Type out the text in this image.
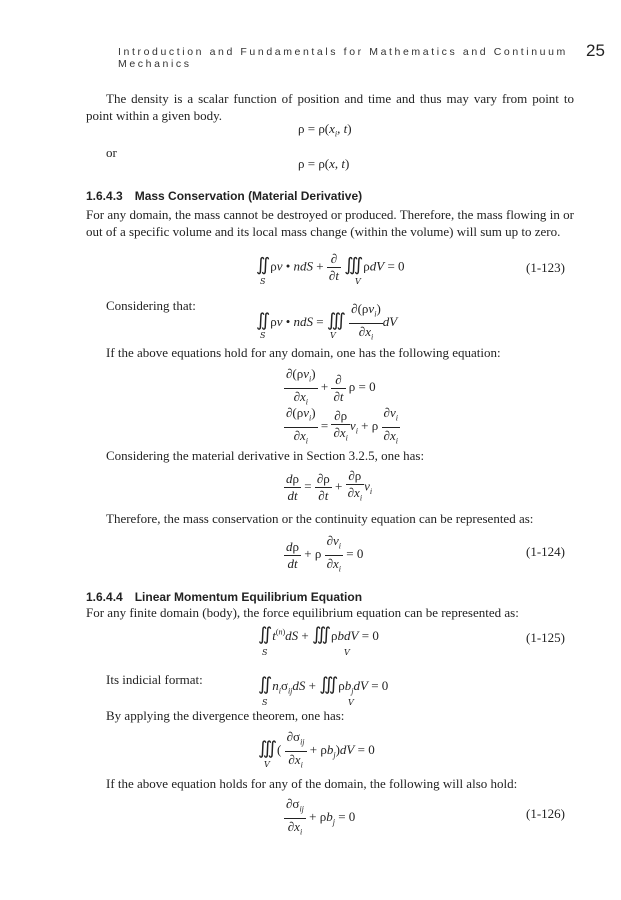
Introduction and Fundamentals for Mathematics and Continuum Mechanics
25
The density is a scalar function of position and time and thus may vary from point to point within a given body.
$\rho = \rho(x_i$, t)
or
ρ = ρ(x, t)
1.6.4.3 Mass Conservation (Material Derivative)
For any domain, the mass cannot be destroyed or produced. Therefore, the mass flowing in or out of a specific volume and its local mass change (within the volume) will sum up to zero.
∬ρv • ndS + $\frac{\partial}{\partial t}$ ∭ρdV = 0
S	V
(1-123)
Considering that:
∬ρv • ndS = ∭ $\frac{\partial(\rho v_i)}{\partial x_i}$ dV
S	V
If the above equations hold for any domain, one has the following equation:
$\frac{\partial(\rho v_i)}{\partial x_i} + \frac{\partial}{\partial t}$ ρ = 0
$\frac{\partial(\rho v_i)}{\partial x_i} = \frac{\partial\rho}{\partial x_i} v_i + \rho \frac{\partial v_i}{\partial x_i}$
Considering the material derivative in Section 3.2.5, one has:
$\frac{d\rho}{dt} = \frac{\partial\rho}{\partial t} + \frac{\partial\rho}{\partial x_i} v_i$
Therefore, the mass conservation or the continuity equation can be represented as:
$\frac{d\rho}{dt} + \rho \frac{\partial v_i}{\partial x_i} = 0$	(1-124)
1.6.4.4 Linear Momentum Equilibrium Equation
For any finite domain (body), the force equilibrium equation can be represented as:
$∬t^{(n)}dS$ + ∭ρbdV = 0
S	V
(1-125)
Its indicial format:	$∬n_i\sigma_{ij}dS$ + $∭\rho b_jdV = 0$
S	V
By applying the divergence theorem, one has:
∭( $\frac{\partial\sigma_{ij}}{\partial x_i} + \rho b_j)dV = 0$
V
If the above equation holds for any of the domain, the following will also hold:
$\frac{\partial\sigma_{ij}}{\partial x_i} + \rho b_j = 0$	(1-126)
